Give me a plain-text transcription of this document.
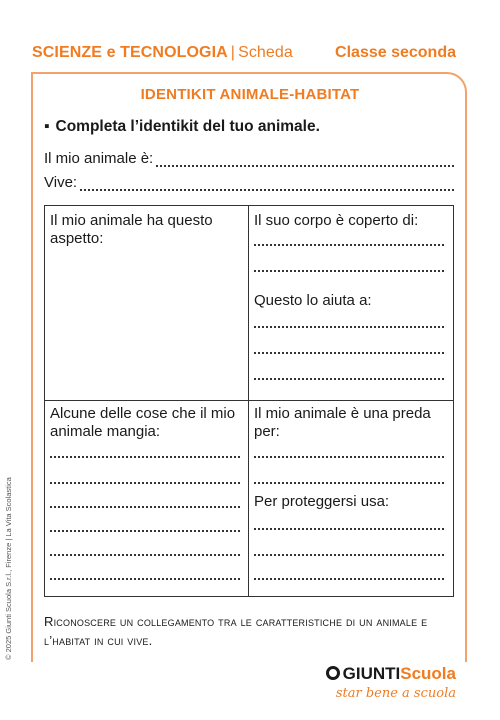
SCIENZE e TECNOLOGIA | Scheda	Classe seconda
IDENTIKIT ANIMALE-HABITAT
▪ Completa l’identikit del tuo animale.
Il mio animale è:
Vive:
Il mio animale ha questo aspetto:
Il suo corpo è coperto di:
Questo lo aiuta a:
Alcune delle cose che il mio animale mangia:
Il mio animale è una preda per:
Per proteggersi usa:
Riconoscere un collegamento tra le caratteristiche di un animale e l’habitat in cui vive.
© 2025 Giunti Scuola S.r.l., Firenze | La Vita Scolastica
GIUNTIScuola
star bene a scuola
